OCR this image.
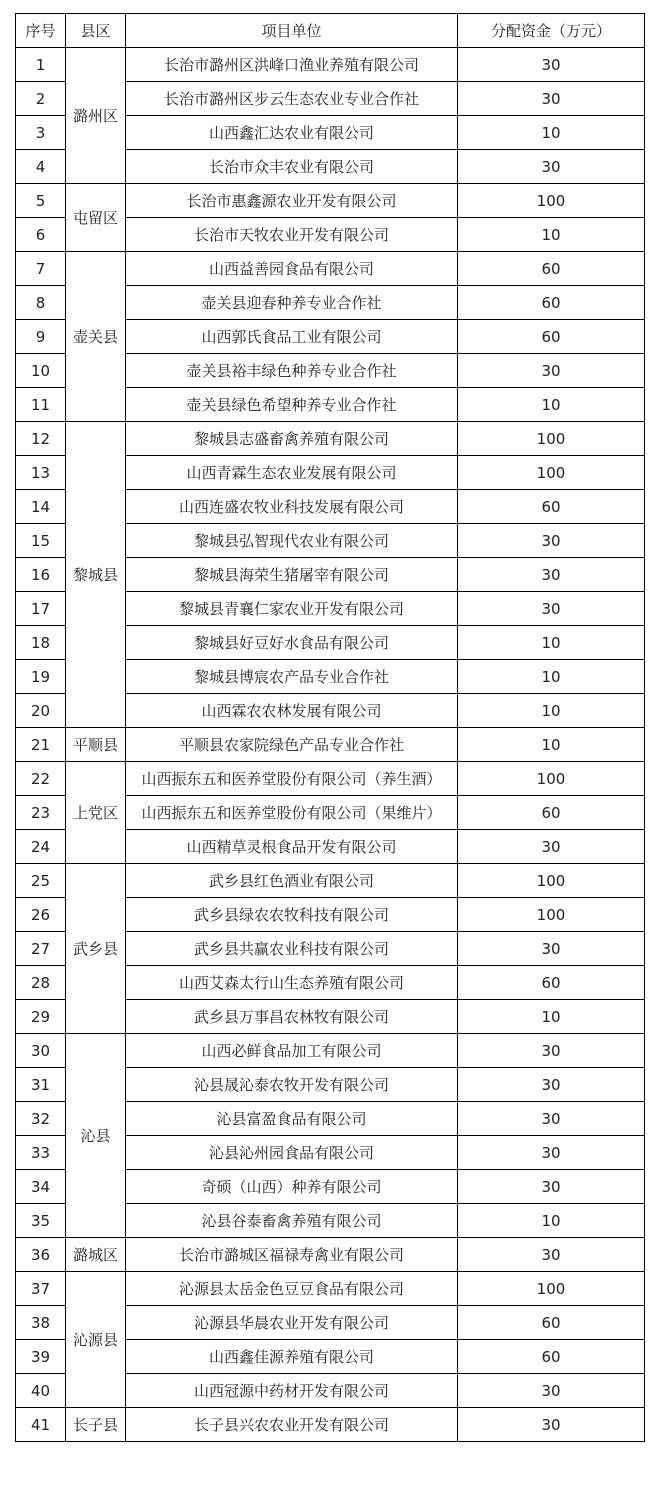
序号	县区	项目单位	分配资金（万元）
1	潞州区	长治市潞州区洪峰口渔业养殖有限公司	30
2		长治市潞州区步云生态农业专业合作社	30
3		山西鑫汇达农业有限公司	10
4		长治市众丰农业有限公司	30
5	屯留区	长治市惠鑫源农业开发有限公司	100
6		长治市天牧农业开发有限公司	10
7	壶关县	山西益善园食品有限公司	60
8		壶关县迎春种养专业合作社	60
9		山西郭氏食品工业有限公司	60
10		壶关县裕丰绿色种养专业合作社	30
11		壶关县绿色希望种养专业合作社	10
12	黎城县	黎城县志盛畜禽养殖有限公司	100
13		山西青霖生态农业发展有限公司	100
14		山西连盛农牧业科技发展有限公司	60
15		黎城县弘智现代农业有限公司	30
16		黎城县海荣生猪屠宰有限公司	30
17		黎城县青襄仁家农业开发有限公司	30
18		黎城县好豆好水食品有限公司	10
19		黎城县博宸农产品专业合作社	10
20		山西霖农农林发展有限公司	10
21	平顺县	平顺县农家院绿色产品专业合作社	10
22	上党区	山西振东五和医养堂股份有限公司（养生酒）	100
23		山西振东五和医养堂股份有限公司（果维片）	60
24		山西精草灵根食品开发有限公司	30
25	武乡县	武乡县红色酒业有限公司	100
26		武乡县绿农农牧科技有限公司	100
27		武乡县共赢农业科技有限公司	30
28		山西艾森太行山生态养殖有限公司	60
29		武乡县万事昌农林牧有限公司	10
30	沁县	山西必鲜食品加工有限公司	30
31		沁县晟沁泰农牧开发有限公司	30
32		沁县富盈食品有限公司	30
33		沁县沁州园食品有限公司	30
34		奇硕（山西）种养有限公司	30
35		沁县谷泰畜禽养殖有限公司	10
36	潞城区	长治市潞城区福禄寿禽业有限公司	30
37	沁源县	沁源县太岳金色豆豆食品有限公司	100
38		沁源县华晨农业开发有限公司	60
39		山西鑫佳源养殖有限公司	60
40		山西冠源中药材开发有限公司	30
41	长子县	长子县兴农农业开发有限公司	30
